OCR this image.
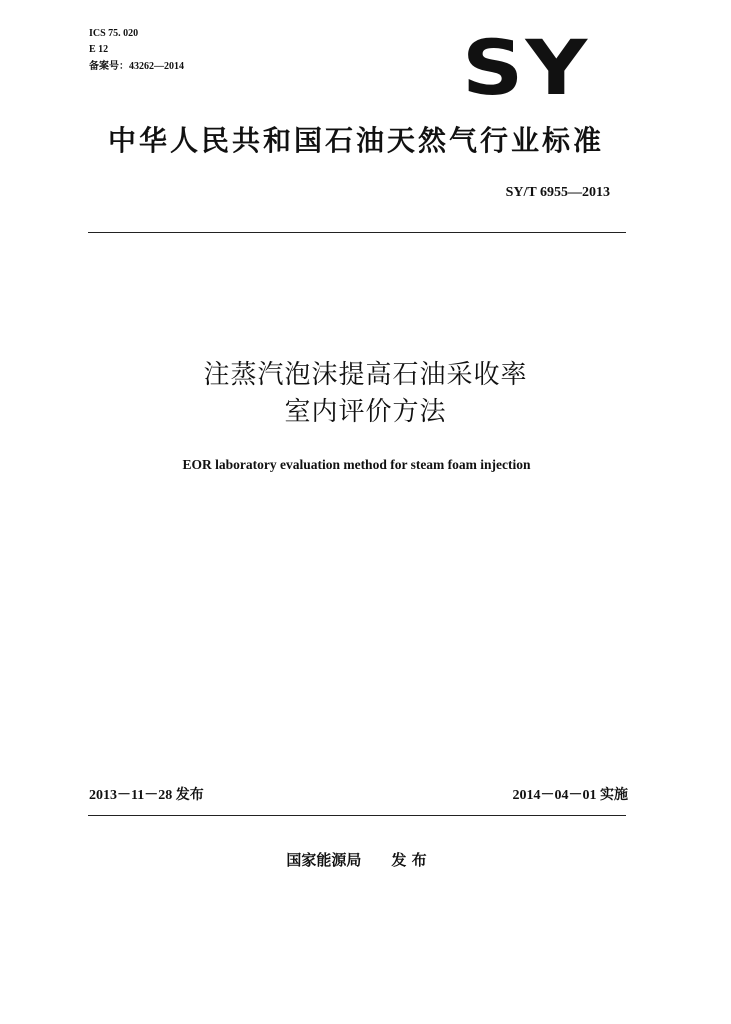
ICS 75. 020
E 12
备案号：43262—2014	SY
中华人民共和国石油天然气行业标准
SY/T 6955—2013
注蒸汽泡沫提高石油采收率
室内评价方法
EOR laboratory evaluation method for steam foam injection
2013－11－28 发布	2014－04－01 实施
国家能源局 发 布
